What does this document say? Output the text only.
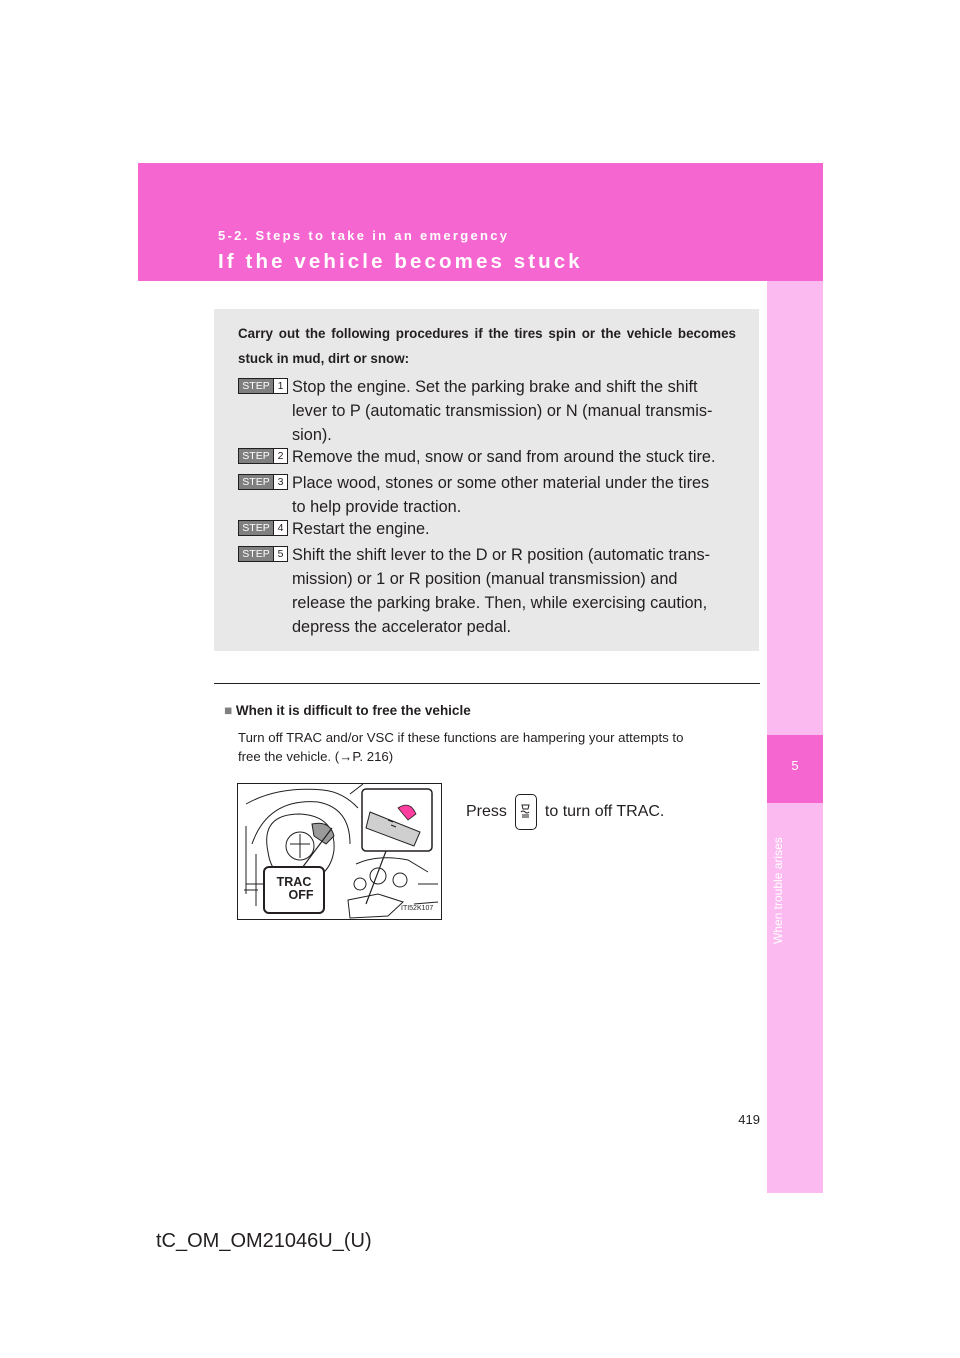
5-2. Steps to take in an emergency
If the vehicle becomes stuck
5
When trouble arises
Carry out the following procedures if the tires spin or the vehicle becomes stuck in mud, dirt or snow:
STEP 1 Stop the engine. Set the parking brake and shift the shift
lever to P (automatic transmission) or N (manual transmis-
sion).
STEP 2 Remove the mud, snow or sand from around the stuck tire.
STEP 3 Place wood, stones or some other material under the tires
to help provide traction.
STEP 4 Restart the engine.
STEP 5 Shift the shift lever to the D or R position (automatic trans-
mission) or 1 or R position (manual transmission) and
release the parking brake. Then, while exercising caution,
depress the accelerator pedal.
■ When it is difficult to free the vehicle
Turn off TRAC and/or VSC if these functions are hampering your attempts to
free the vehicle. (→P. 216)
ITI52K107
TRAC
OFF
Press to turn off TRAC.
419
tC_OM_OM21046U_(U)
